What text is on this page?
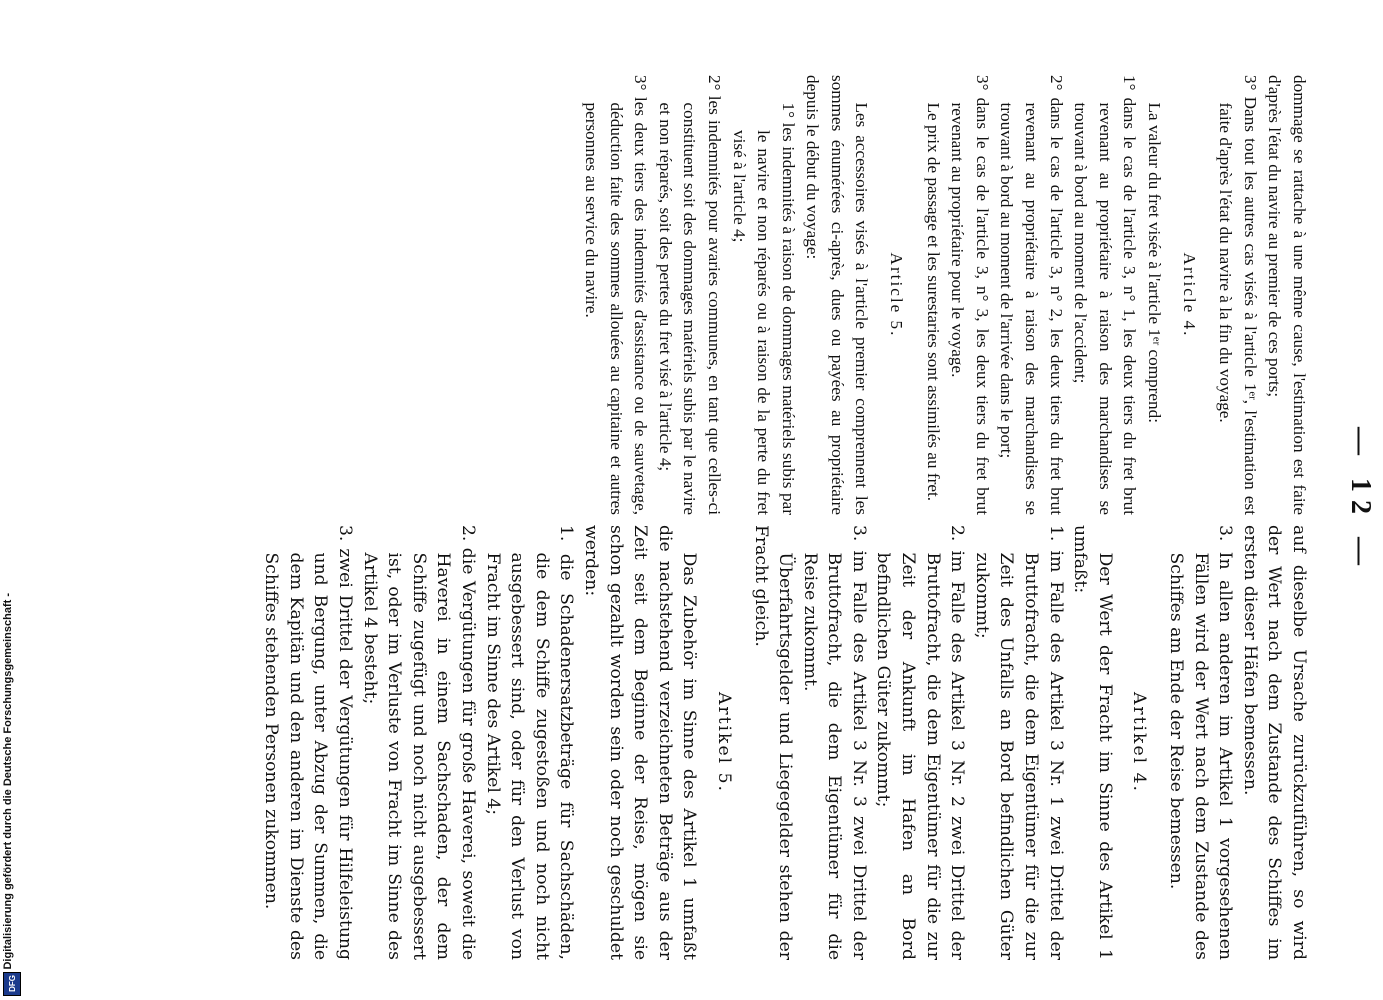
— 12 —

dommage se rattache à une même cause, l'estimation est faite d'après l'état du navire au premier de ces ports;

3° Dans tout les autres cas visés à l'article 1ᵉʳ, l'estimation est faite d'après l'état du navire à la fin du voyage.

Article 4.

La valeur du fret visée à l'article 1ᵉʳ comprend:

1° dans le cas de l'article 3, n° 1, les deux tiers du fret brut revenant au propriétaire à raison des marchandises se trouvant à bord au moment de l'accident;

2° dans le cas de l'article 3, n° 2, les deux tiers du fret brut revenant au propriétaire à raison des marchandises se trouvant à bord au moment de l'arrivée dans le port;

3° dans le cas de l'article 3, n° 3, les deux tiers du fret brut revenant au propriétaire pour le voyage.

Le prix de passage et les surestaries sont assimilés au fret.

Article 5.

Les accessoires visés à l'article premier comprennent les sommes énumérées ci-après, dues ou payées au propriétaire depuis le début du voyage:

1° les indemnités à raison de dommages matériels subis par le navire et non réparés ou à raison de la perte du fret visé à l'article 4;

2° les indemnités pour avaries communes, en tant que celles-ci constituent soit des dommages matériels subis par le navire et non réparés, soit des pertes du fret visé à l'article 4;

3° les deux tiers des indemnités d'assistance ou de sauvetage, déduction faite des sommes allouées au capitaine et autres personnes au service du navire.

auf dieselbe Ursache zurückzuführen, so wird der Wert nach dem Zustande des Schiffes im ersten dieser Häfen bemessen.

3. In allen anderen im Artikel 1 vorgesehenen Fällen wird der Wert nach dem Zustande des Schiffes am Ende der Reise bemessen.

Artikel 4.

Der Wert der Fracht im Sinne des Artikel 1 umfaßt:

1. im Falle des Artikel 3 Nr. 1 zwei Drittel der Bruttofracht, die dem Eigentümer für die zur Zeit des Unfalls an Bord befindlichen Güter zukommt;

2. im Falle des Artikel 3 Nr. 2 zwei Drittel der Bruttofracht, die dem Eigentümer für die zur Zeit der Ankunft im Hafen an Bord befindlichen Güter zukommt;

3. im Falle des Artikel 3 Nr. 3 zwei Drittel der Bruttofracht, die dem Eigentümer für die Reise zukommt.

Überfahrtsgelder und Liegegelder stehen der Fracht gleich.

Artikel 5.

Das Zubehör im Sinne des Artikel 1 umfaßt die nachstehend verzeichneten Beträge aus der Zeit seit dem Beginne der Reise, mögen sie schon gezahlt worden sein oder noch geschuldet werden:

1. die Schadenersatzbeträge für Sachschäden, die dem Schiffe zugestoßen und noch nicht ausgebessert sind, oder für den Verlust von Fracht im Sinne des Artikel 4;

2. die Vergütungen für große Haverei, soweit die Haverei in einem Sachschaden, der dem Schiffe zugefügt und noch nicht ausgebessert ist, oder im Verluste von Fracht im Sinne des Artikel 4 besteht;

3. zwei Drittel der Vergütungen für Hilfeleistung und Bergung, unter Abzug der Summen, die dem Kapitän und den anderen im Dienste des Schiffes stehenden Personen zukommen.

Digitalisierung gefördert durch die Deutsche Forschungsgemeinschaft -
DFG
